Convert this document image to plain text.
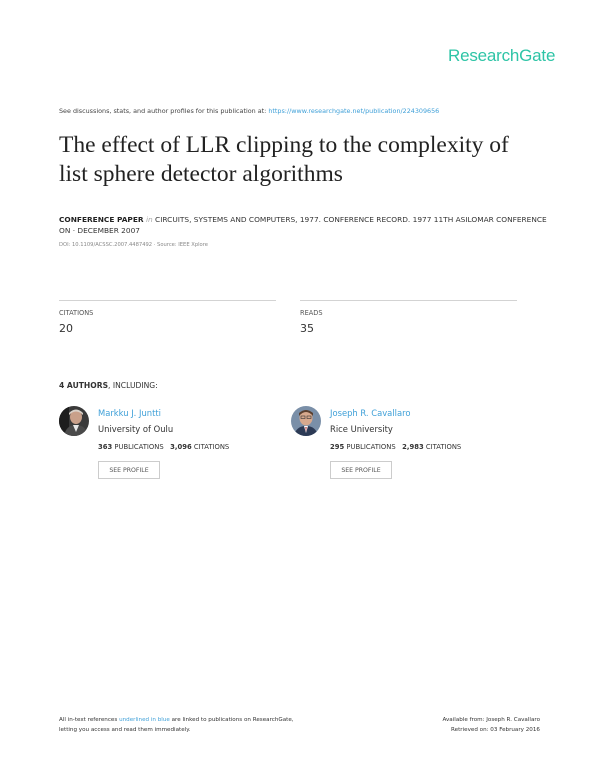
ResearchGate
See discussions, stats, and author profiles for this publication at: https://www.researchgate.net/publication/224309656
The effect of LLR clipping to the complexity of list sphere detector algorithms
CONFERENCE PAPER in CIRCUITS, SYSTEMS AND COMPUTERS, 1977. CONFERENCE RECORD. 1977 11TH ASILOMAR CONFERENCE ON · DECEMBER 2007
DOI: 10.1109/ACSSC.2007.4487492 · Source: IEEE Xplore
CITATIONS
20
READS
35
4 AUTHORS, INCLUDING:
Markku J. Juntti
University of Oulu
363 PUBLICATIONS 3,096 CITATIONS
SEE PROFILE
Joseph R. Cavallaro
Rice University
295 PUBLICATIONS 2,983 CITATIONS
SEE PROFILE
All in-text references underlined in blue are linked to publications on ResearchGate,
letting you access and read them immediately.
Available from: Joseph R. Cavallaro
Retrieved on: 03 February 2016
